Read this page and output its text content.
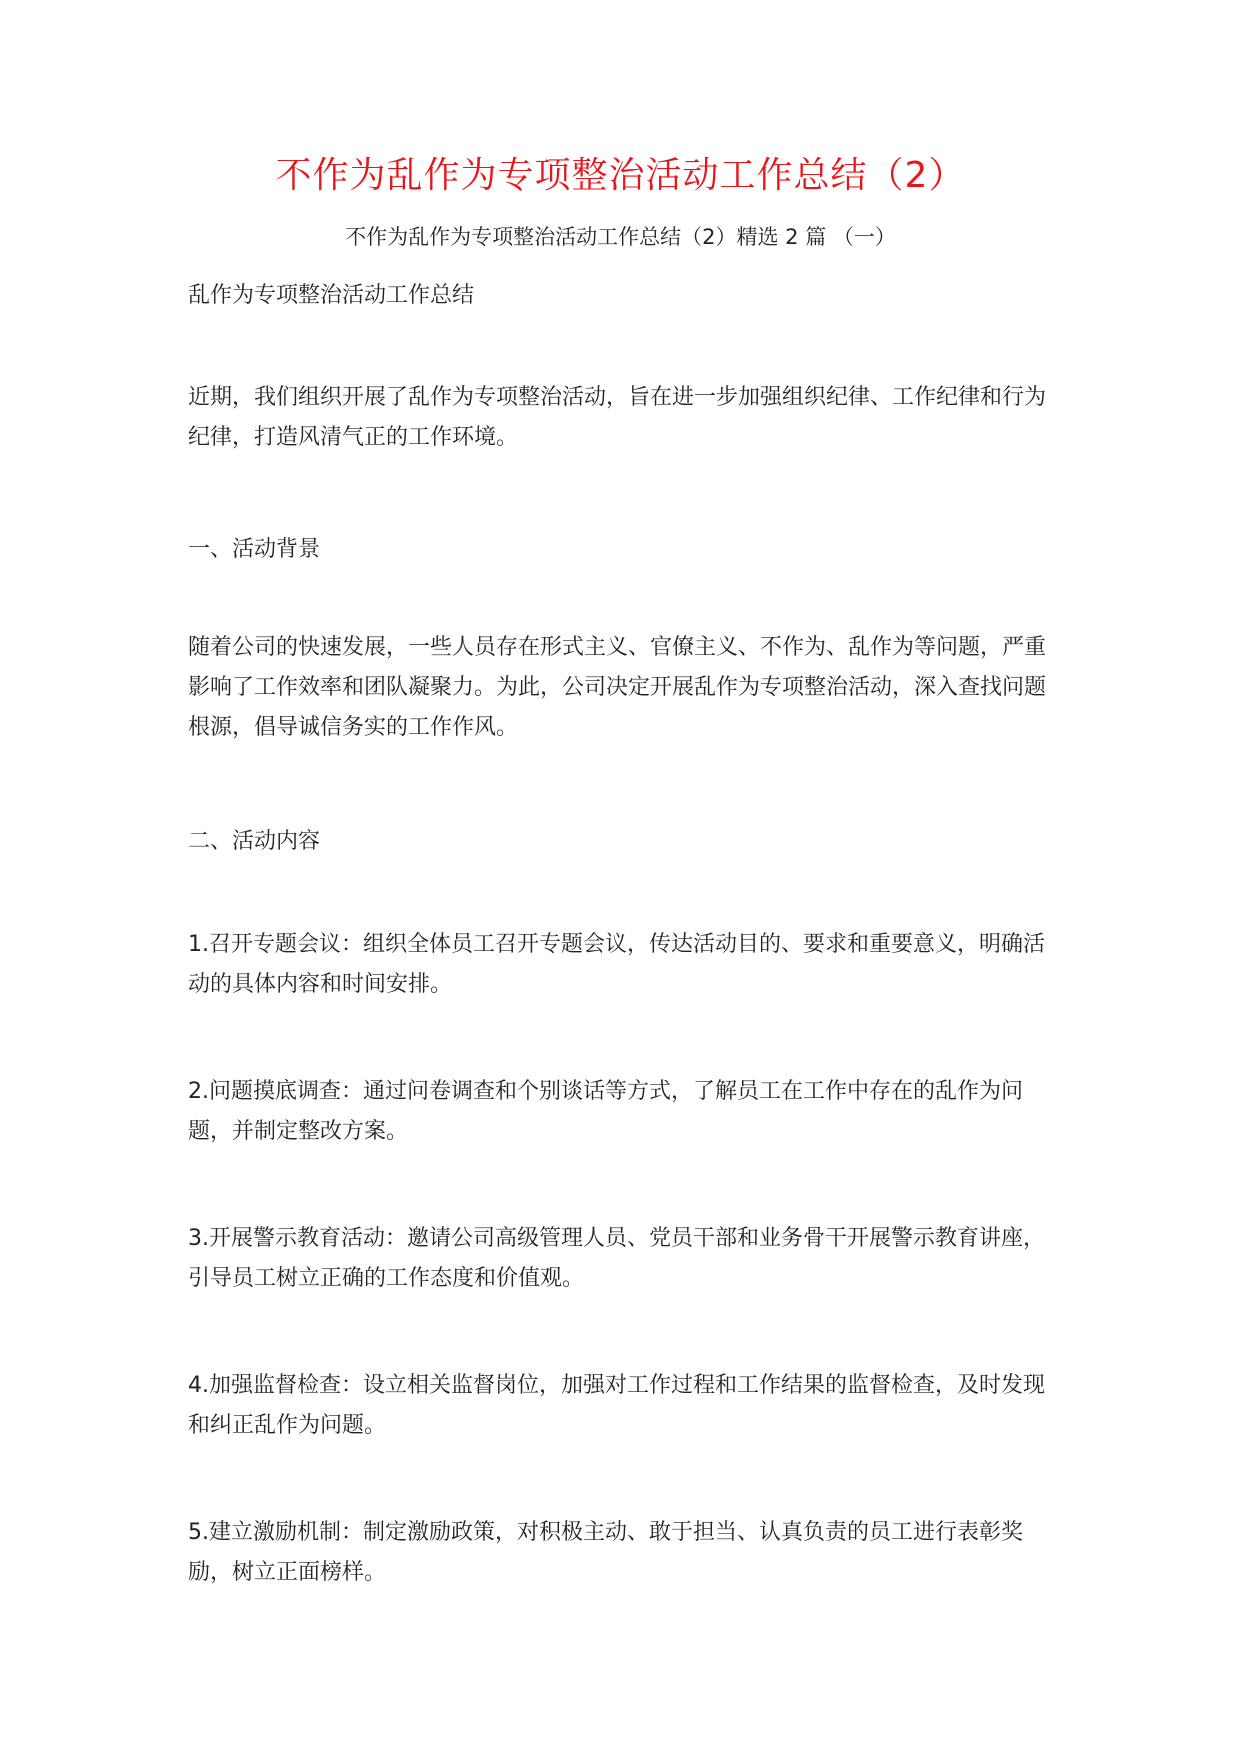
不作为乱作为专项整治活动工作总结（2）
不作为乱作为专项整治活动工作总结（2）精选 2 篇 （一）

乱作为专项整治活动工作总结

近期，我们组织开展了乱作为专项整治活动，旨在进一步加强组织纪律、工作纪律和行为纪律，打造风清气正的工作环境。

一、活动背景

随着公司的快速发展，一些人员存在形式主义、官僚主义、不作为、乱作为等问题，严重影响了工作效率和团队凝聚力。为此，公司决定开展乱作为专项整治活动，深入查找问题根源，倡导诚信务实的工作作风。

二、活动内容

1.召开专题会议：组织全体员工召开专题会议，传达活动目的、要求和重要意义，明确活动的具体内容和时间安排。

2.问题摸底调查：通过问卷调查和个别谈话等方式，了解员工在工作中存在的乱作为问题，并制定整改方案。

3.开展警示教育活动：邀请公司高级管理人员、党员干部和业务骨干开展警示教育讲座，引导员工树立正确的工作态度和价值观。

4.加强监督检查：设立相关监督岗位，加强对工作过程和工作结果的监督检查，及时发现和纠正乱作为问题。

5.建立激励机制：制定激励政策，对积极主动、敢于担当、认真负责的员工进行表彰奖励，树立正面榜样。
